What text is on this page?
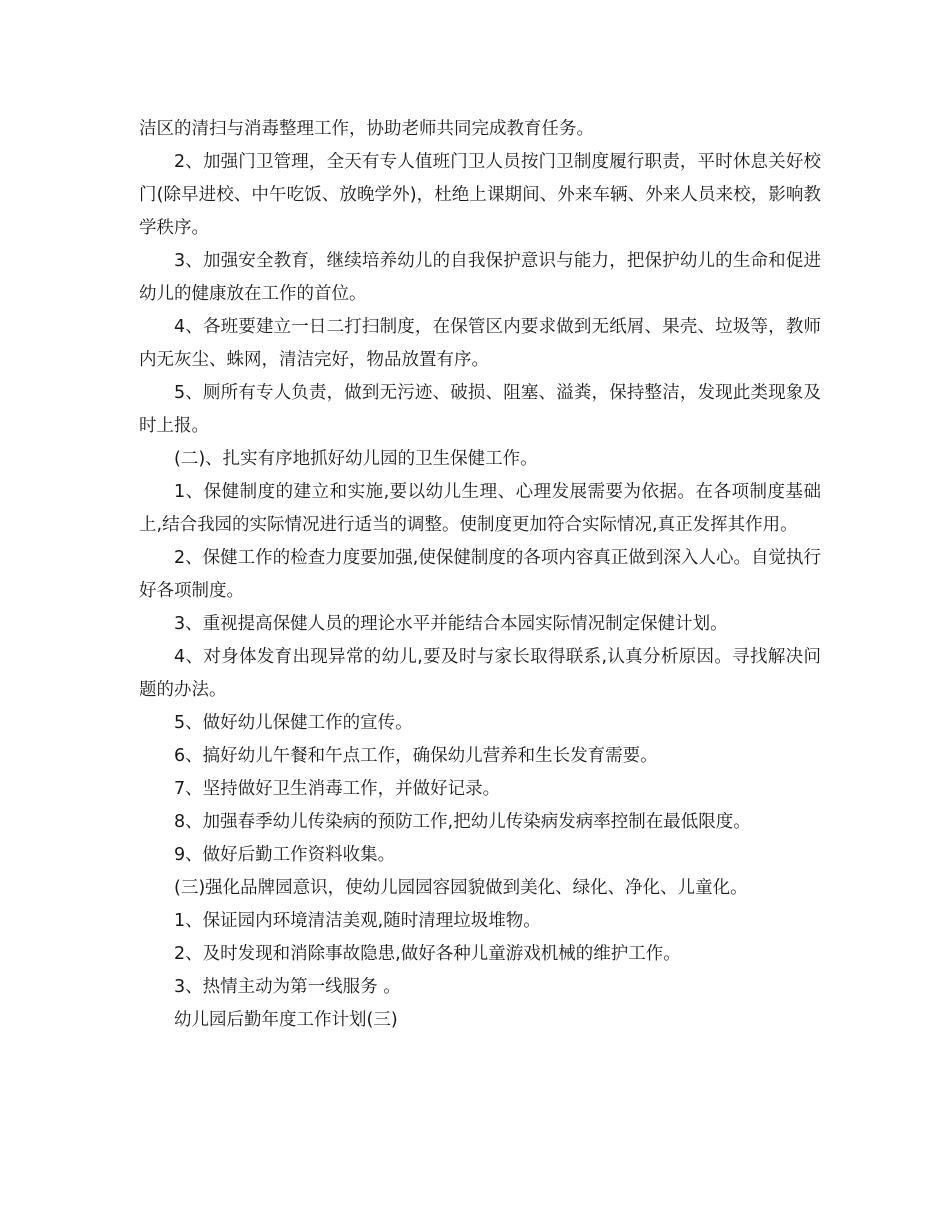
洁区的清扫与消毒整理工作，协助老师共同完成教育任务。

2、加强门卫管理，全天有专人值班门卫人员按门卫制度履行职责，平时休息关好校门(除早进校、中午吃饭、放晚学外)，杜绝上课期间、外来车辆、外来人员来校，影响教学秩序。

3、加强安全教育，继续培养幼儿的自我保护意识与能力，把保护幼儿的生命和促进幼儿的健康放在工作的首位。

4、各班要建立一日二打扫制度，在保管区内要求做到无纸屑、果壳、垃圾等，教师内无灰尘、蛛网，清洁完好，物品放置有序。

5、厕所有专人负责，做到无污迹、破损、阻塞、溢粪，保持整洁，发现此类现象及时上报。

(二)、扎实有序地抓好幼儿园的卫生保健工作。

1、保健制度的建立和实施,要以幼儿生理、心理发展需要为依据。在各项制度基础上,结合我园的实际情况进行适当的调整。使制度更加符合实际情况,真正发挥其作用。

2、保健工作的检查力度要加强,使保健制度的各项内容真正做到深入人心。自觉执行好各项制度。

3、重视提高保健人员的理论水平并能结合本园实际情况制定保健计划。

4、对身体发育出现异常的幼儿,要及时与家长取得联系,认真分析原因。寻找解决问题的办法。

5、做好幼儿保健工作的宣传。

6、搞好幼儿午餐和午点工作，确保幼儿营养和生长发育需要。

7、坚持做好卫生消毒工作，并做好记录。

8、加强春季幼儿传染病的预防工作,把幼儿传染病发病率控制在最低限度。

9、做好后勤工作资料收集。

(三)强化品牌园意识，使幼儿园园容园貌做到美化、绿化、净化、儿童化。

1、保证园内环境清洁美观,随时清理垃圾堆物。

2、及时发现和消除事故隐患,做好各种儿童游戏机械的维护工作。

3、热情主动为第一线服务 。

幼儿园后勤年度工作计划(三)
